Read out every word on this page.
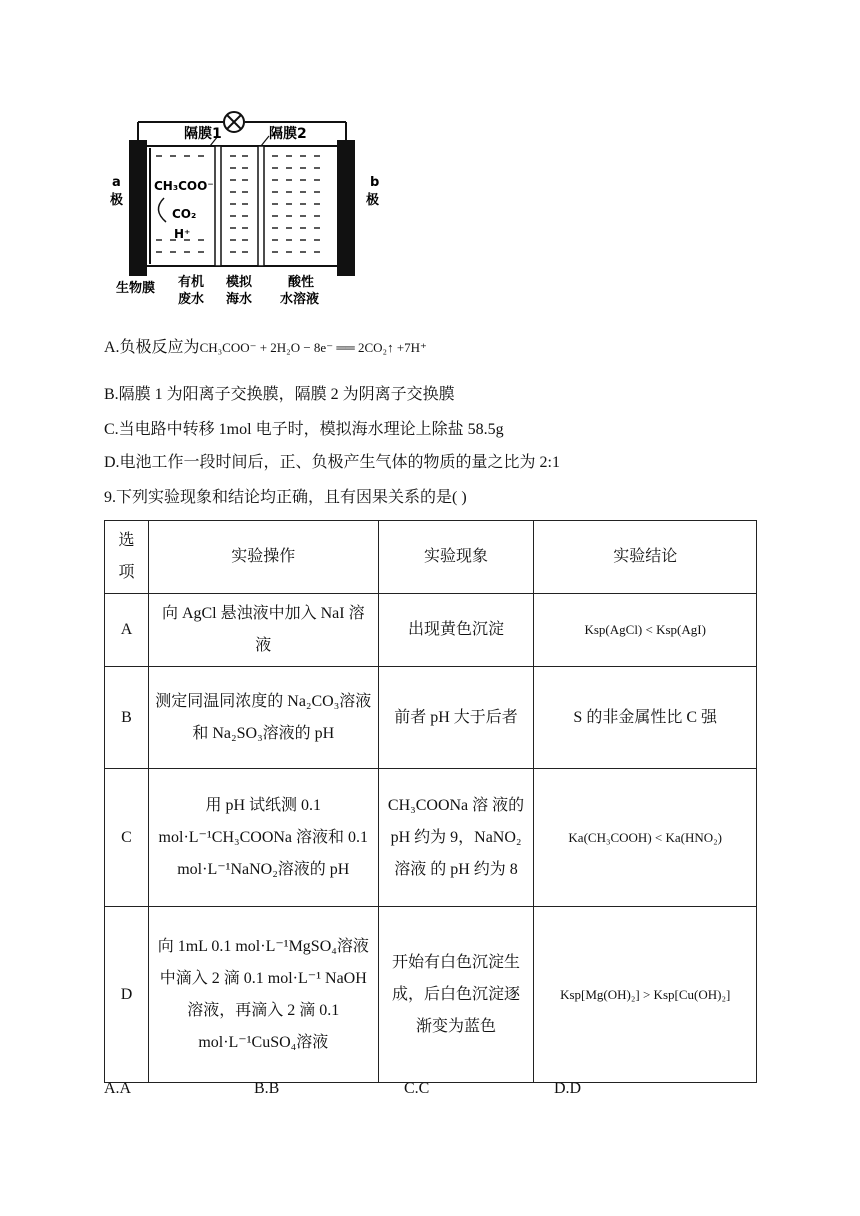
隔膜1	隔膜2
a
极
b
极
CH₃COO⁻
CO₂
H⁺
生物膜 有机
废水
模拟
海水
酸性
水溶液
A.负极反应为CH₃COO⁻ + 2H₂O − 8e⁻ ══ 2CO₂↑ +7H⁺
B.隔膜 1 为阳离子交换膜，隔膜 2 为阴离子交换膜
C.当电路中转移 1mol 电子时，模拟海水理论上除盐 58.5g
D.电池工作一段时间后，正、负极产生气体的物质的量之比为 2:1
9.下列实验现象和结论均正确，且有因果关系的是( )
选项	实验操作	实验现象	实验结论
A	向 AgCl 悬浊液中加入 NaI 溶液	出现黄色沉淀	Ksp(AgCl) < Ksp(AgI)
B	测定同温同浓度的 Na₂CO₃溶液和 Na₂SO₃溶液的 pH	前者 pH 大于后者	S 的非金属性比 C 强
C	用 pH 试纸测 0.1 mol·L⁻¹CH₃COONa 溶液和 0.1 mol·L⁻¹NaNO₂溶液的 pH	CH₃COONa 溶 液的 pH 约为 9，NaNO₂ 溶液 的 pH 约为 8	Ka(CH₃COOH) < Ka(HNO₂)
D	向 1mL 0.1 mol·L⁻¹MgSO₄溶液中滴入 2 滴 0.1 mol·L⁻¹ NaOH 溶液，再滴入 2 滴 0.1 mol·L⁻¹CuSO₄溶液	开始有白色沉淀生成，后白色沉淀逐渐变为蓝色	Ksp[Mg(OH)₂] > Ksp[Cu(OH)₂]
A.A	B.B	C.C	D.D
